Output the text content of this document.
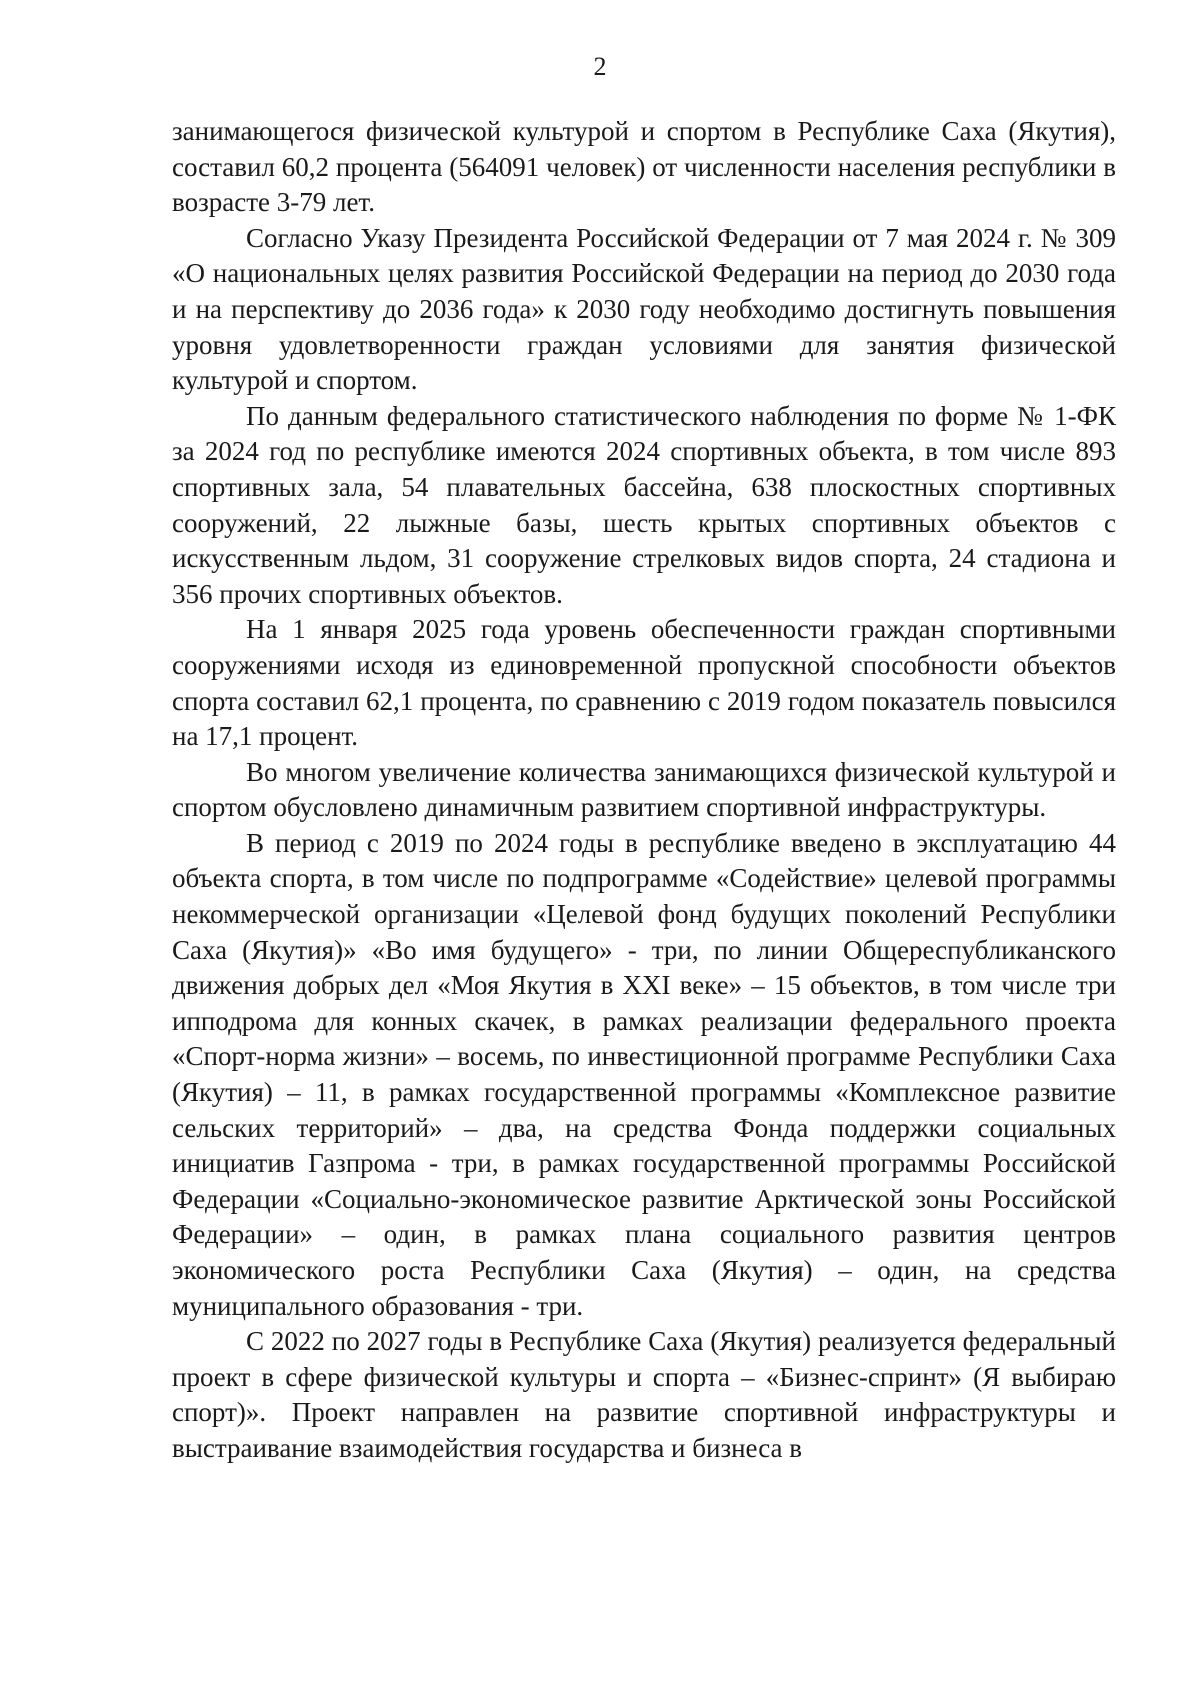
2

занимающегося физической культурой и спортом в Республике Саха (Якутия), составил 60,2 процента (564091 человек) от численности населения республики в возрасте 3-79 лет.

Согласно Указу Президента Российской Федерации от 7 мая 2024 г. № 309 «О национальных целях развития Российской Федерации на период до 2030 года и на перспективу до 2036 года» к 2030 году необходимо достигнуть повышения уровня удовлетворенности граждан условиями для занятия физической культурой и спортом.

По данным федерального статистического наблюдения по форме № 1-ФК за 2024 год по республике имеются 2024 спортивных объекта, в том числе 893 спортивных зала, 54 плавательных бассейна, 638 плоскостных спортивных сооружений, 22 лыжные базы, шесть крытых спортивных объектов с искусственным льдом, 31 сооружение стрелковых видов спорта, 24 стадиона и 356 прочих спортивных объектов.

На 1 января 2025 года уровень обеспеченности граждан спортивными сооружениями исходя из единовременной пропускной способности объектов спорта составил 62,1 процента, по сравнению с 2019 годом показатель повысился на 17,1 процент.

Во многом увеличение количества занимающихся физической культурой и спортом обусловлено динамичным развитием спортивной инфраструктуры.

В период с 2019 по 2024 годы в республике введено в эксплуатацию 44 объекта спорта, в том числе по подпрограмме «Содействие» целевой программы некоммерческой организации «Целевой фонд будущих поколений Республики Саха (Якутия)» «Во имя будущего» - три, по линии Общереспубликанского движения добрых дел «Моя Якутия в XXI веке» – 15 объектов, в том числе три ипподрома для конных скачек, в рамках реализации федерального проекта «Спорт-норма жизни» – восемь, по инвестиционной программе Республики Саха (Якутия) – 11, в рамках государственной программы «Комплексное развитие сельских территорий» – два, на средства Фонда поддержки социальных инициатив Газпрома - три, в рамках государственной программы Российской Федерации «Социально-экономическое развитие Арктической зоны Российской Федерации» – один, в рамках плана социального развития центров экономического роста Республики Саха (Якутия) – один, на средства муниципального образования - три.

С 2022 по 2027 годы в Республике Саха (Якутия) реализуется федеральный проект в сфере физической культуры и спорта – «Бизнес-спринт» (Я выбираю спорт)». Проект направлен на развитие спортивной инфраструктуры и выстраивание взаимодействия государства и бизнеса в
